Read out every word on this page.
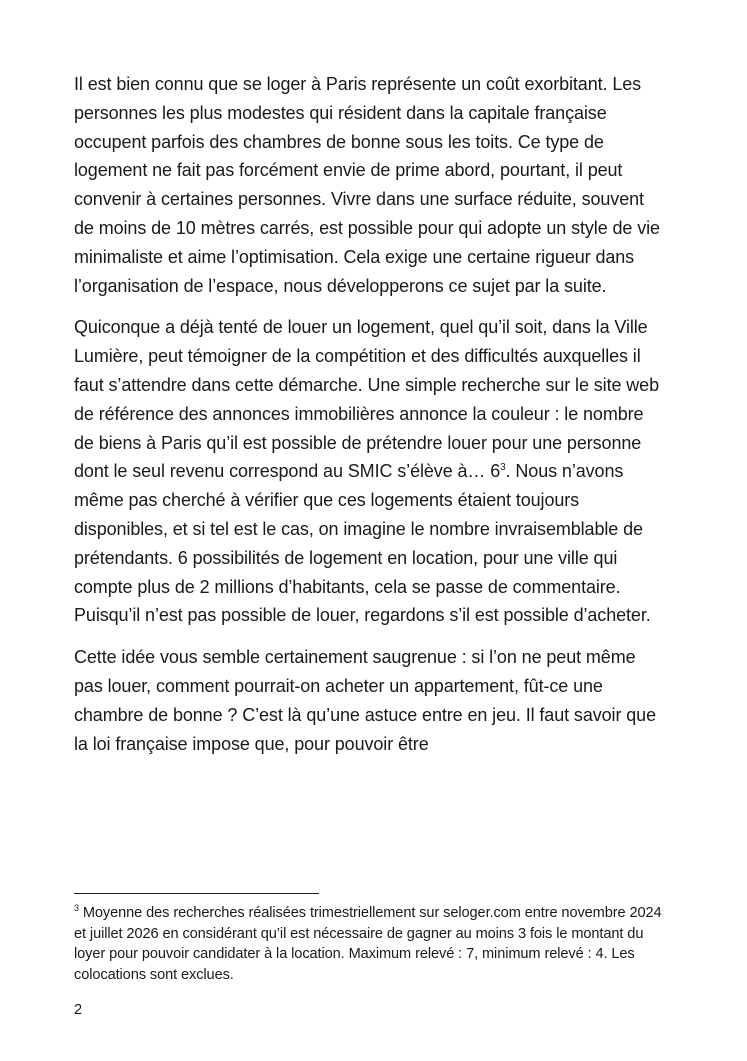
Il est bien connu que se loger à Paris représente un coût exorbitant. Les personnes les plus modestes qui résident dans la capitale française occupent parfois des chambres de bonne sous les toits. Ce type de logement ne fait pas forcément envie de prime abord, pourtant, il peut convenir à certaines personnes. Vivre dans une surface réduite, souvent de moins de 10 mètres carrés, est possible pour qui adopte un style de vie minimaliste et aime l’optimisation. Cela exige une certaine rigueur dans l’organisation de l’espace, nous développerons ce sujet par la suite.

Quiconque a déjà tenté de louer un logement, quel qu’il soit, dans la Ville Lumière, peut témoigner de la compétition et des difficultés auxquelles il faut s’attendre dans cette démarche. Une simple recherche sur le site web de référence des annonces immobilières annonce la couleur : le nombre de biens à Paris qu’il est possible de prétendre louer pour une personne dont le seul revenu correspond au SMIC s’élève à… $6^3$. Nous n’avons même pas cherché à vérifier que ces logements étaient toujours disponibles, et si tel est le cas, on imagine le nombre invraisemblable de prétendants. 6 possibilités de logement en location, pour une ville qui compte plus de 2 millions d’habitants, cela se passe de commentaire. Puisqu’il n’est pas possible de louer, regardons s’il est possible d’acheter.

Cette idée vous semble certainement saugrenue : si l’on ne peut même pas louer, comment pourrait-on acheter un appartement, fût-ce une chambre de bonne ? C’est là qu’une astuce entre en jeu. Il faut savoir que la loi française impose que, pour pouvoir être

$^3$ Moyenne des recherches réalisées trimestriellement sur seloger.com entre novembre 2024 et juillet 2026 en considérant qu’il est nécessaire de gagner au moins 3 fois le montant du loyer pour pouvoir candidater à la location. Maximum relevé : 7, minimum relevé : 4. Les colocations sont exclues.
2
